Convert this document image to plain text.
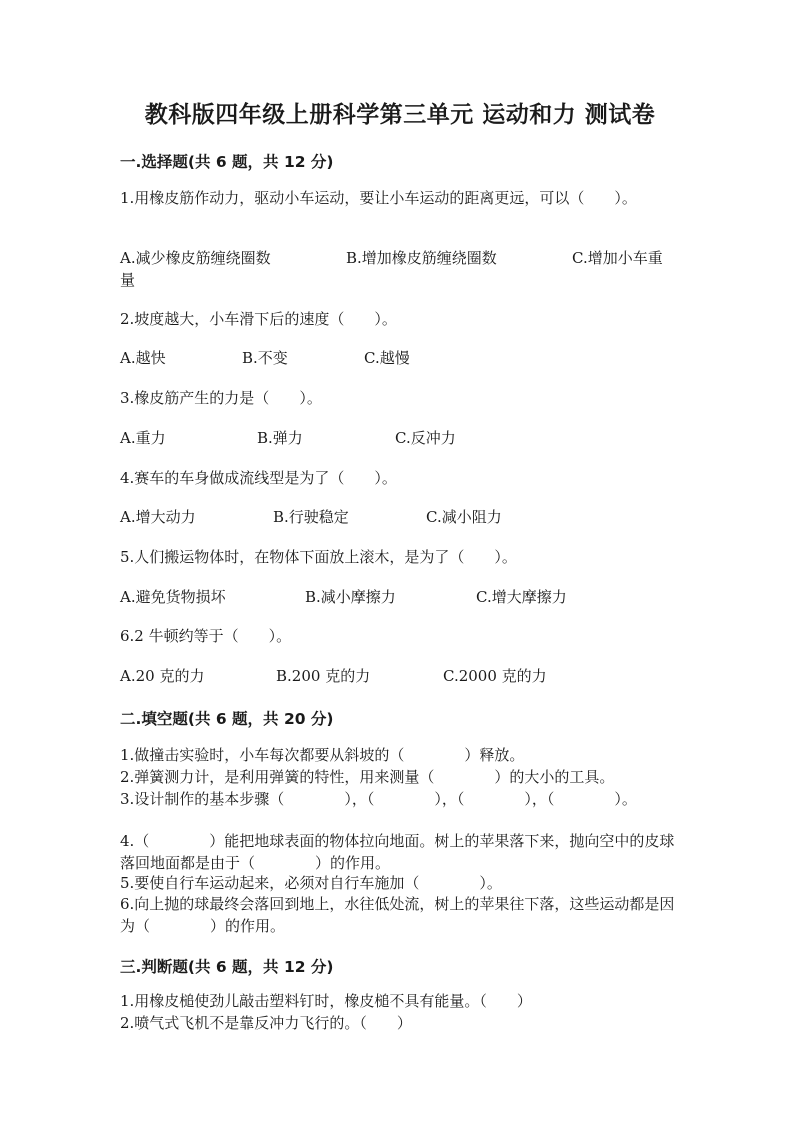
教科版四年级上册科学第三单元 运动和力 测试卷
一.选择题(共 6 题，共 12 分)
1.用橡皮筋作动力，驱动小车运动，要让小车运动的距离更远，可以（　　）。
A.减少橡皮筋缠绕圈数	B.增加橡皮筋缠绕圈数	C.增加小车重
量
2.坡度越大，小车滑下后的速度（　　）。
A.越快	B.不变	C.越慢
3.橡皮筋产生的力是（　　）。
A.重力	B.弹力	C.反冲力
4.赛车的车身做成流线型是为了（　　）。
A.增大动力	B.行驶稳定	C.减小阻力
5.人们搬运物体时，在物体下面放上滚木，是为了（　　）。
A.避免货物损坏	B.减小摩擦力	C.增大摩擦力
6.2 牛顿约等于（　　）。
A.20 克的力	B.200 克的力	C.2000 克的力
二.填空题(共 6 题，共 20 分)
1.做撞击实验时，小车每次都要从斜坡的（　　　　）释放。
2.弹簧测力计，是利用弹簧的特性，用来测量（　　　　）的大小的工具。
3.设计制作的基本步骤（　　　　），（　　　　），（　　　　），（　　　　）。
4.（　　　　）能把地球表面的物体拉向地面。树上的苹果落下来，抛向空中的皮球落回地面都是由于（　　　　）的作用。
5.要使自行车运动起来，必须对自行车施加（　　　　）。
6.向上抛的球最终会落回到地上，水往低处流，树上的苹果往下落，这些运动都是因为（　　　　）的作用。
三.判断题(共 6 题，共 12 分)
1.用橡皮槌使劲儿敲击塑料钉时，橡皮槌不具有能量。（　　）
2.喷气式飞机不是靠反冲力飞行的。（　　）
